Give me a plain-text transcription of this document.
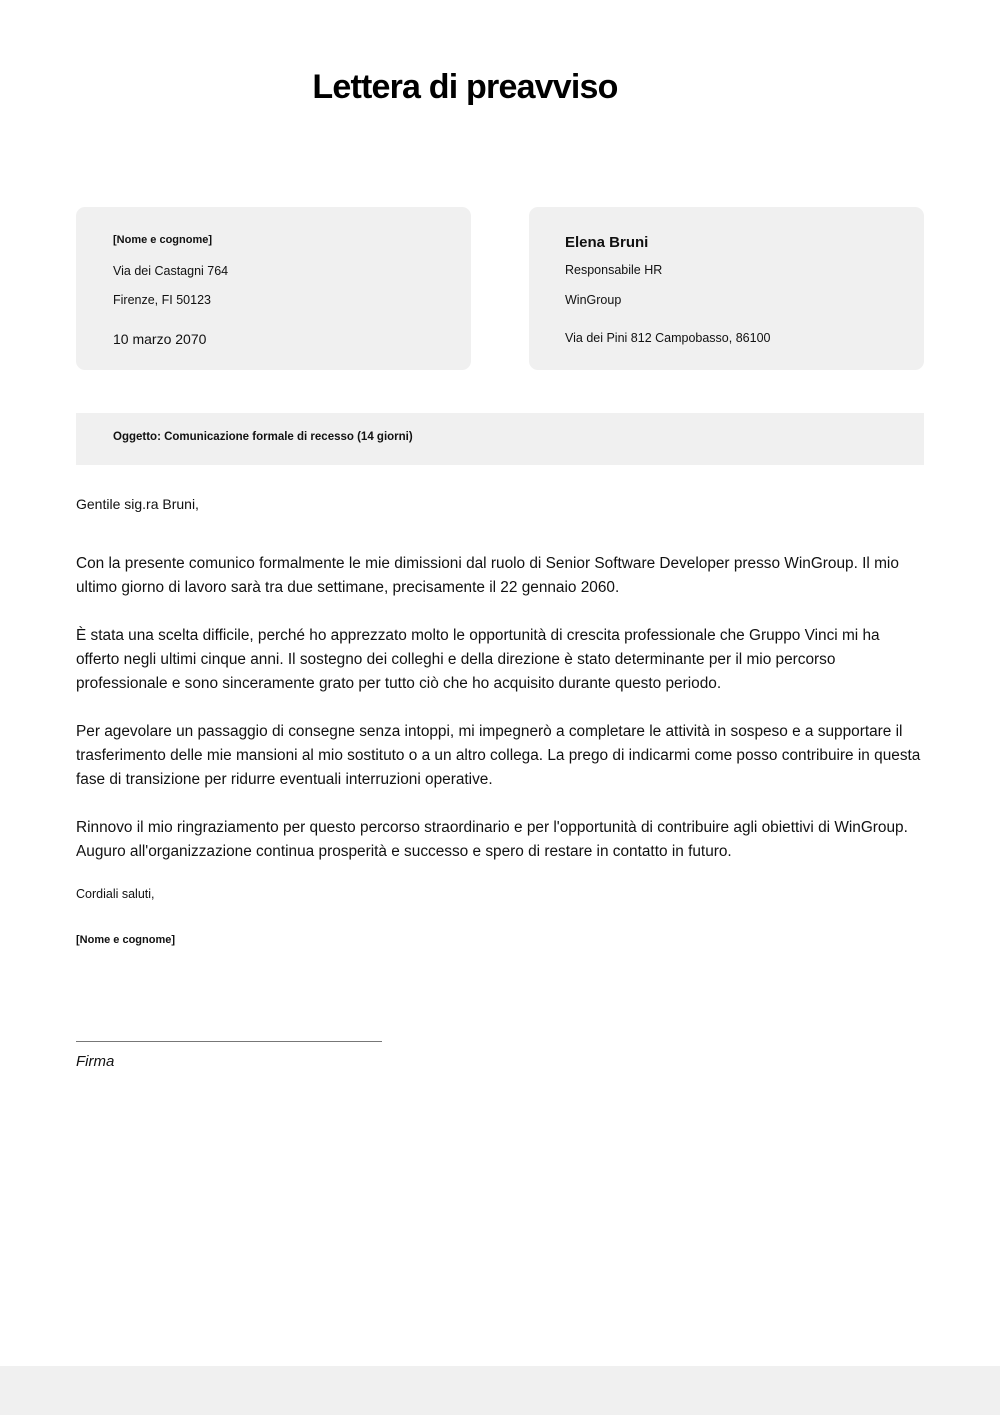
Lettera di preavviso
[Nome e cognome]
Via dei Castagni 764
Firenze, FI 50123
10 marzo 2070
Elena Bruni
Responsabile HR
WinGroup
Via dei Pini 812 Campobasso, 86100
Oggetto: Comunicazione formale di recesso (14 giorni)

Gentile sig.ra Bruni,

Con la presente comunico formalmente le mie dimissioni dal ruolo di Senior Software Developer presso WinGroup. Il mio ultimo giorno di lavoro sarà tra due settimane, precisamente il 22 gennaio 2060.

È stata una scelta difficile, perché ho apprezzato molto le opportunità di crescita professionale che Gruppo Vinci mi ha offerto negli ultimi cinque anni. Il sostegno dei colleghi e della direzione è stato determinante per il mio percorso professionale e sono sinceramente grato per tutto ciò che ho acquisito durante questo periodo.

Per agevolare un passaggio di consegne senza intoppi, mi impegnerò a completare le attività in sospeso e a supportare il trasferimento delle mie mansioni al mio sostituto o a un altro collega. La prego di indicarmi come posso contribuire in questa fase di transizione per ridurre eventuali interruzioni operative.

Rinnovo il mio ringraziamento per questo percorso straordinario e per l'opportunità di contribuire agli obiettivi di WinGroup. Auguro all'organizzazione continua prosperità e successo e spero di restare in contatto in futuro.

Cordiali saluti,

[Nome e cognome]

Firma
